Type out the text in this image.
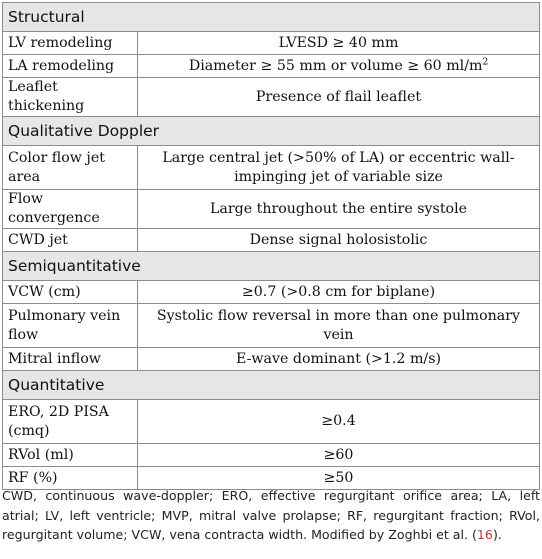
Structural	
LV remodeling	LVESD ≥ 40 mm
LA remodeling	Diameter ≥ 55 mm or volume ≥ 60 $ml/m^2$
Leaflet thickening	Presence of flail leaflet
Qualitative Doppler	
Color flow jet area	Large central jet (>50% of LA) or eccentric wall-impinging jet of variable size
Flow convergence	Large throughout the entire systole
CWD jet	Dense signal holosistolic
Semiquantitative	
VCW (cm)	≥0.7 (>0.8 cm for biplane)
Pulmonary vein flow	Systolic flow reversal in more than one pulmonary vein
Mitral inflow	E-wave dominant (>1.2 m/s)
Quantitative	
ERO, 2D PISA (cmq)	≥0.4
RVol (ml)	≥60
RF (%)	≥50
CWD, continuous wave-doppler; ERO, effective regurgitant orifice area; LA, left atrial; LV, left ventricle; MVP, mitral valve prolapse; RF, regurgitant fraction; RVol, regurgitant volume; VCW, vena contracta width. Modified by Zoghbi et al. (16).
